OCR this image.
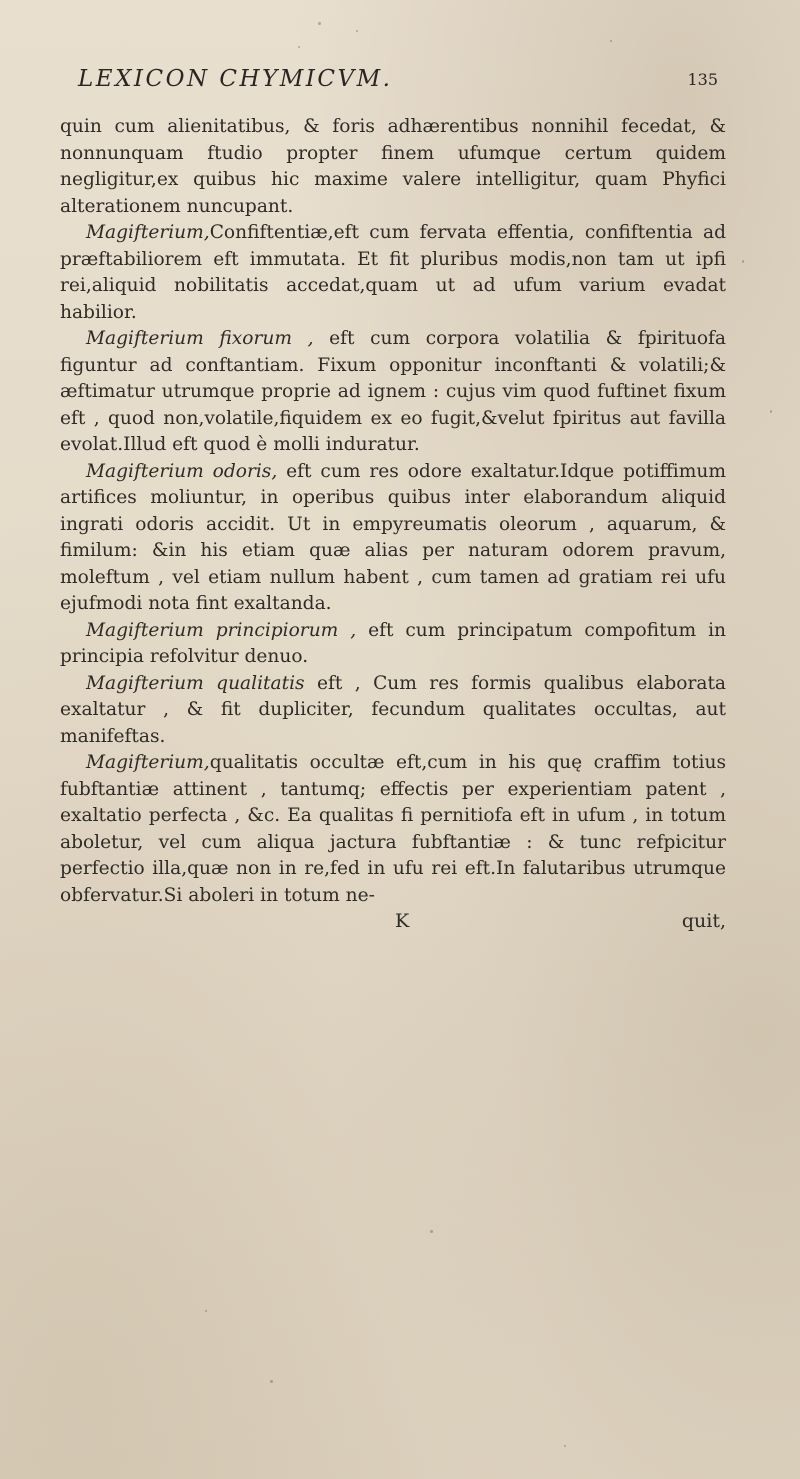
LEXICON CHYMICVM.	135

quin cum alienitatibus, & foris adhærentibus nonnihil fecedat, & nonnunquam ftudio propter finem ufumque certum quidem negligitur,ex quibus hic maxime valere intelligitur, quam Phyfici alterationem nuncupant.

Magifterium,Confiftentiæ,eft cum fervata effentia, confiftentia ad præftabiliorem eft immutata. Et fit pluribus modis,non tam ut ipfi rei,aliquid nobilitatis accedat,quam ut ad ufum varium evadat habilior.

Magifterium fixorum , eft cum corpora volatilia & fpirituofa figuntur ad conftantiam. Fixum opponitur inconftanti & volatili;& æftimatur utrumque proprie ad ignem : cujus vim quod fuftinet fixum eft , quod non,volatile,fiquidem ex eo fugit,&velut fpiritus aut favilla evolat.Illud eft quod è molli induratur.

Magifterium odoris, eft cum res odore exaltatur.Idque potiffimum artifices moliuntur, in operibus quibus inter elaborandum aliquid ingrati odoris accidit. Ut in empyreumatis oleorum , aquarum, & fimilum: &in his etiam quæ alias per naturam odorem pravum, moleftum , vel etiam nullum habent , cum tamen ad gratiam rei ufu ejufmodi nota fint exaltanda.

Magifterium principiorum , eft cum principatum compofitum in principia refolvitur denuo.

Magifterium qualitatis eft , Cum res formis qualibus elaborata exaltatur , & fit dupliciter, fecundum qualitates occultas, aut manifeftas.

Magifterium,qualitatis occultæ eft,cum in his quę craffim totius fubftantiæ attinent , tantumq; effectis per experientiam patent , exaltatio perfecta , &c. Ea qualitas fi pernitiofa eft in ufum , in totum aboletur, vel cum aliqua jactura fubftantiæ : & tunc refpicitur perfectio illa,quæ non in re,fed in ufu rei eft.In falutaribus utrumque obfervatur.Si aboleri in totum ne-

K	quit,
